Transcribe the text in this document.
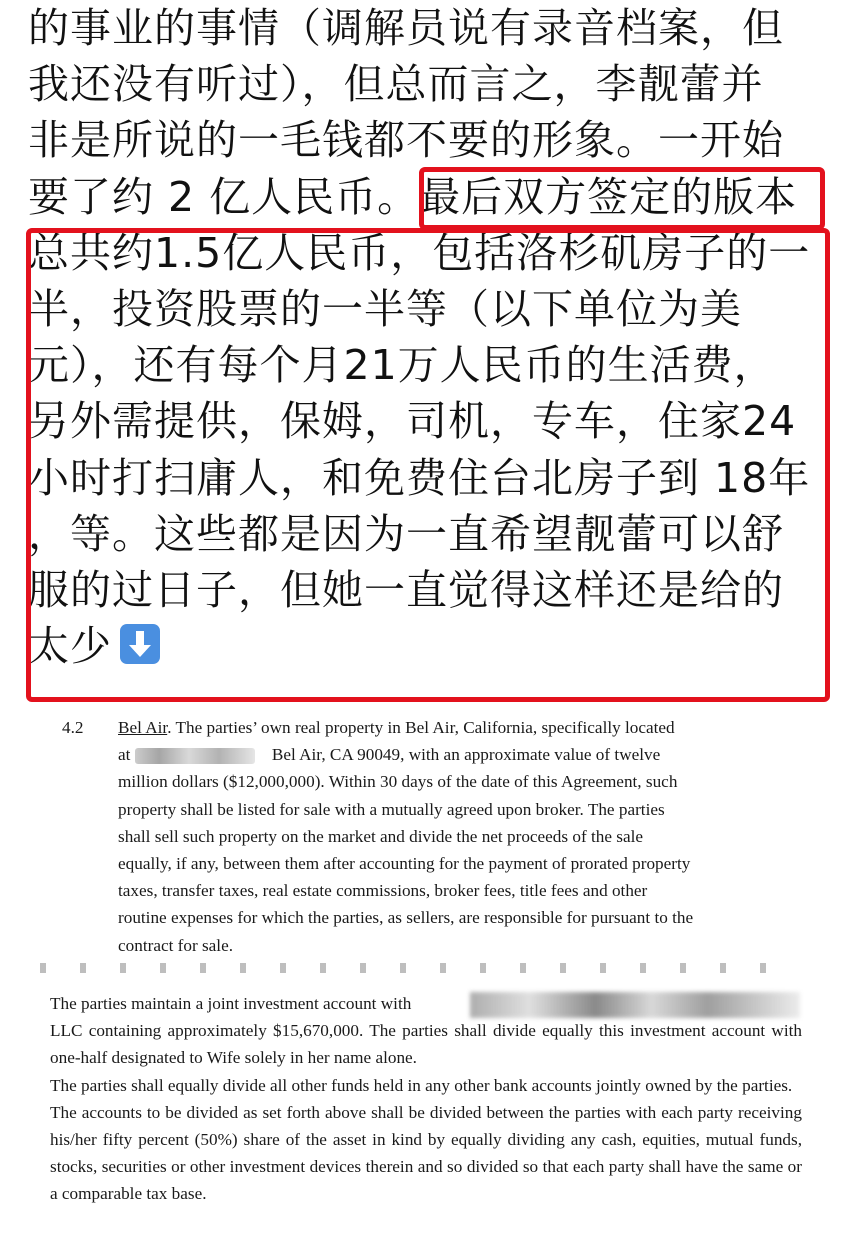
的事业的事情（调解员说有录音档案，但
我还没有听过），但总而言之，李靓蕾并
非是所说的一毛钱都不要的形象。一开始
要了约 2 亿人民币。最后双方签定的版本
总共约1.5亿人民币，包括洛杉矶房子的一
半，投资股票的一半等（以下单位为美
元），还有每个月21万人民币的生活费，
另外需提供，保姆，司机，专车，住家24
小时打扫庸人，和免费住台北房子到 18年
，等。这些都是因为一直希望靓蕾可以舒
服的过日子，但她一直觉得这样还是给的
太少
4.2 Bel Air. The parties’ own real property in Bel Air, California, specifically located
at	Bel Air, CA 90049, with an approximate value of twelve
million dollars ($12,000,000). Within 30 days of the date of this Agreement, such
property shall be listed for sale with a mutually agreed upon broker. The parties
shall sell such property on the market and divide the net proceeds of the sale
equally, if any, between them after accounting for the payment of prorated property
taxes, transfer taxes, real estate commissions, broker fees, title fees and other
routine expenses for which the parties, as sellers, are responsible for pursuant to the
contract for sale.

The parties maintain a joint investment account with

LLC containing approximately $15,670,000. The parties shall divide equally this investment account with one-half designated to Wife solely in her name alone.

The parties shall equally divide all other funds held in any other bank accounts jointly owned by the parties.

The accounts to be divided as set forth above shall be divided between the parties with each party receiving his/her fifty percent (50%) share of the asset in kind by equally dividing any cash, equities, mutual funds, stocks, securities or other investment devices therein and so divided so that each party shall have the same or a comparable tax base.
